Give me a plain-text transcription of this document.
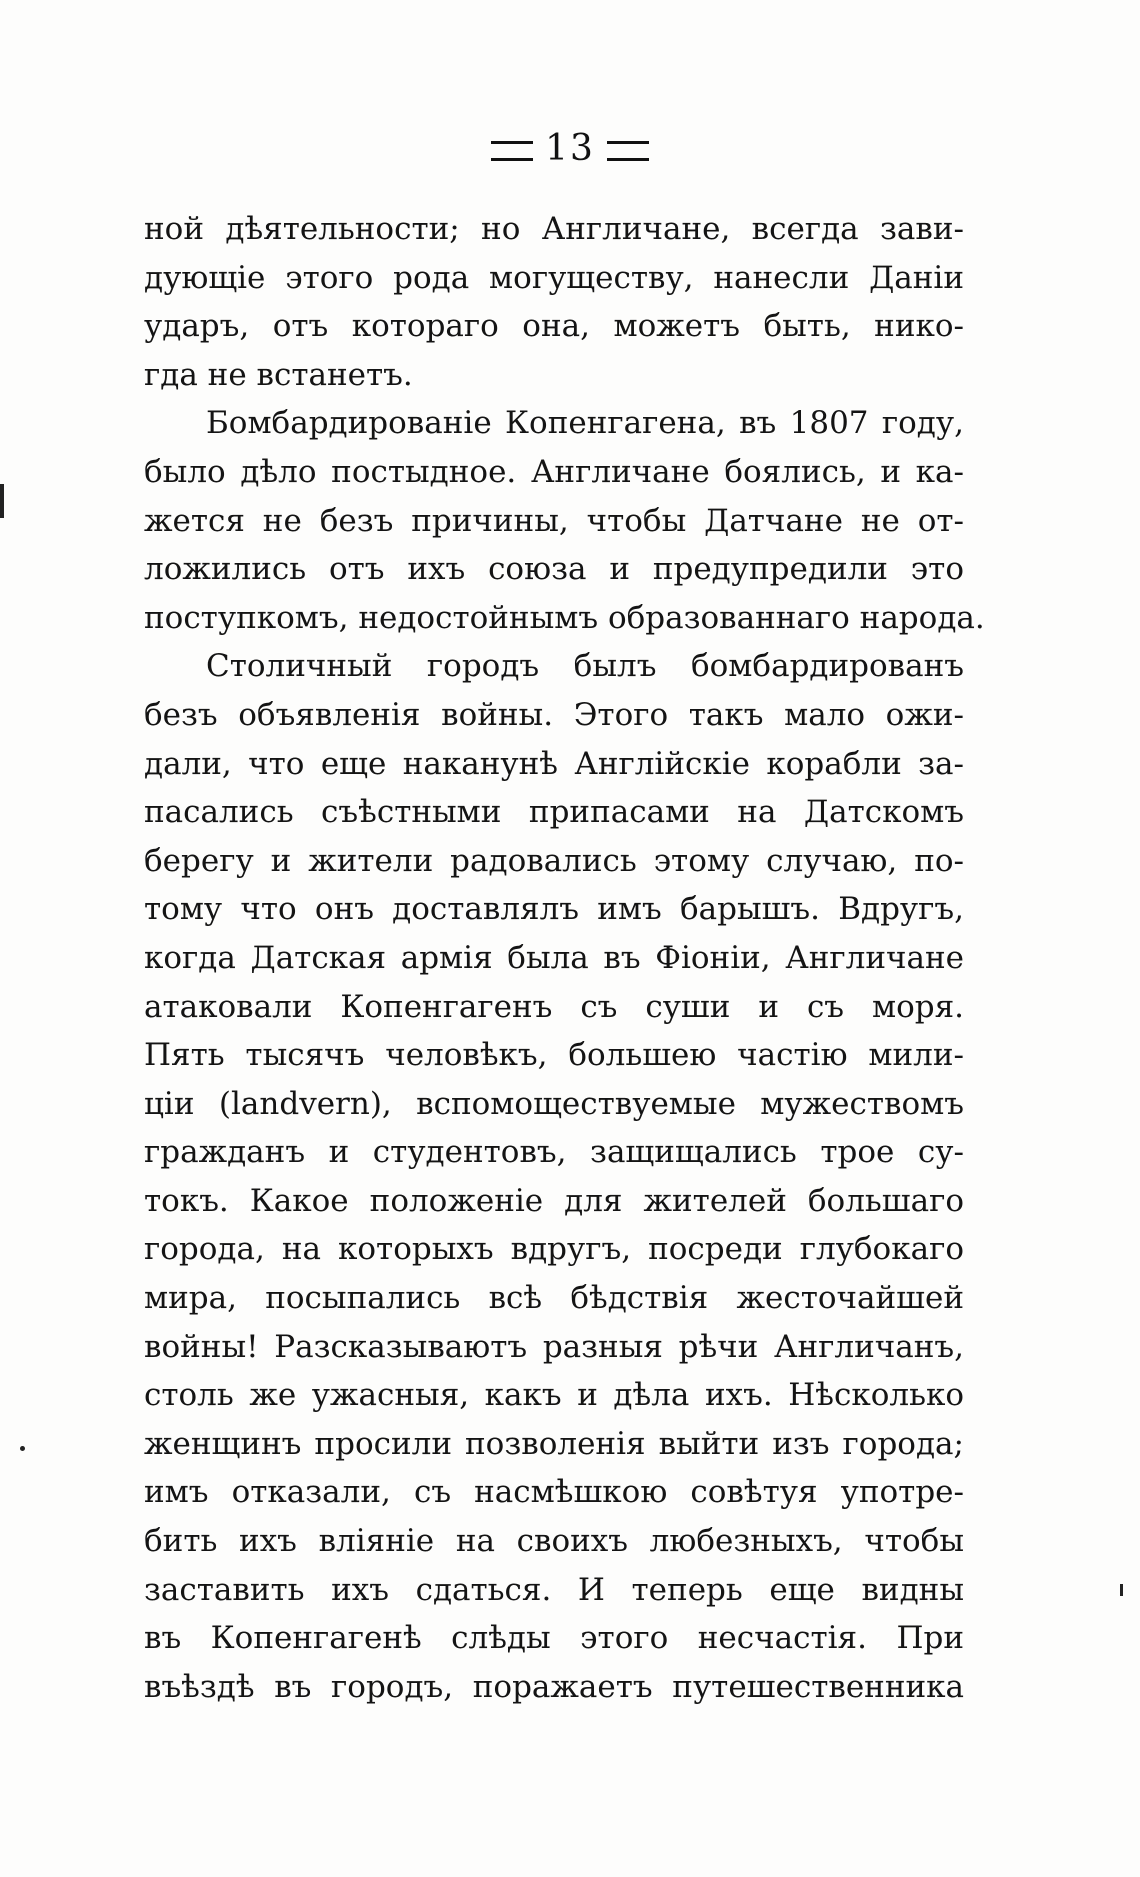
13
ной дѣятельности; но Англичане, всегда зави-
дующіе этого рода могуществу, нанесли Даніи
ударъ, отъ котораго она, можетъ быть, нико-
гда не встанетъ.
Бомбардированіе Копенгагена, въ 1807 году,
было дѣло постыдное. Англичане боялись, и ка-
жется не безъ причины, чтобы Датчане не от-
ложились отъ ихъ союза и предупредили это
поступкомъ, недостойнымъ образованнаго народа.
Столичный городъ былъ бомбардированъ
безъ объявленія войны. Этого такъ мало ожи-
дали, что еще наканунѣ Англійскіе корабли за-
пасались съѣстными припасами на Датскомъ
берегу и жители радовались этому случаю, по-
тому что онъ доставлялъ имъ барышъ. Вдругъ,
когда Датская армія была въ Фіоніи, Англичане
атаковали Копенгагенъ съ суши и съ моря.
Пять тысячъ человѣкъ, большею частію мили-
ціи (landvern), вспомоществуемые мужествомъ
гражданъ и студентовъ, защищались трое су-
токъ. Какое положеніе для жителей большаго
города, на которыхъ вдругъ, посреди глубокаго
мира, посыпались всѣ бѣдствія жесточайшей
войны! Разсказываютъ разныя рѣчи Англичанъ,
столь же ужасныя, какъ и дѣла ихъ. Нѣсколько
женщинъ просили позволенія выйти изъ города;
имъ отказали, съ насмѣшкою совѣтуя употре-
бить ихъ вліяніе на своихъ любезныхъ, чтобы
заставить ихъ сдаться. И теперь еще видны
въ Копенгагенѣ слѣды этого несчастія. При
въѣздѣ въ городъ, поражаетъ путешественника
